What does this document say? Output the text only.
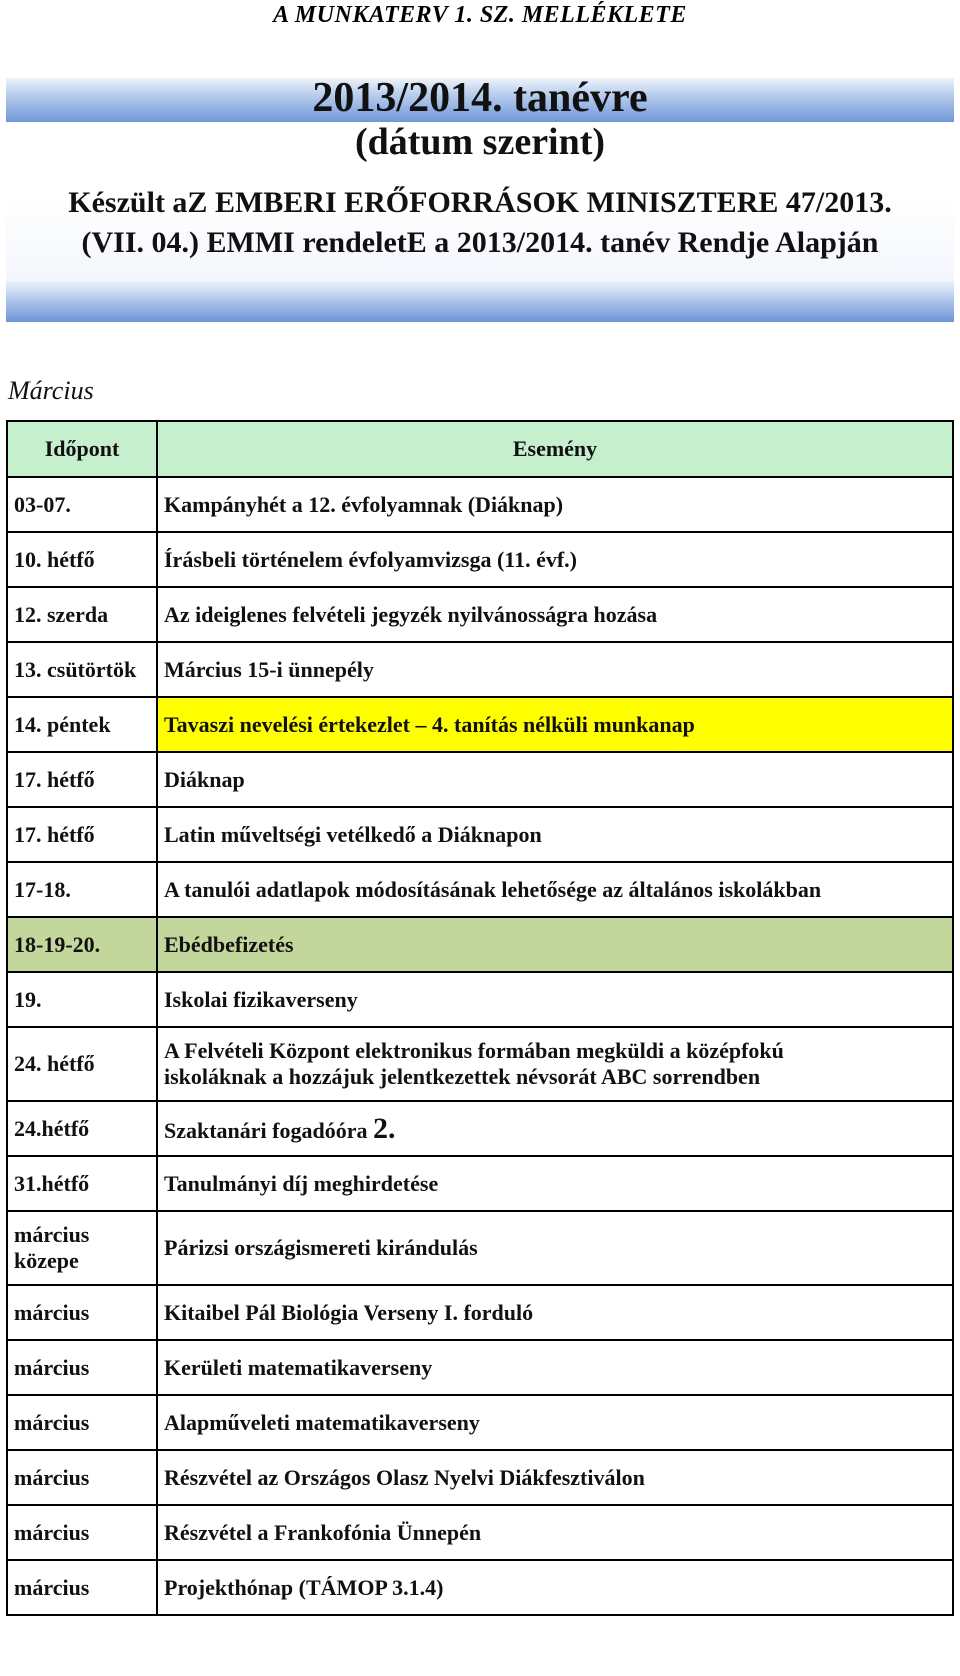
A MUNKATERV 1. SZ. MELLÉKLETE
2013/2014. tanévre
(dátum szerint)
Készült aZ EMBERI ERŐFORRÁSOK MINISZTERE 47/2013.
(VII. 04.) EMMI rendeletE a 2013/2014. tanév Rendje Alapján
Március
Időpont	Esemény
03-07.	Kampányhét a 12. évfolyamnak (Diáknap)
10. hétfő	Írásbeli történelem évfolyamvizsga (11. évf.)
12. szerda	Az ideiglenes felvételi jegyzék nyilvánosságra hozása
13. csütörtök	Március 15-i ünnepély
14. péntek	Tavaszi nevelési értekezlet – 4. tanítás nélküli munkanap
17. hétfő	Diáknap
17. hétfő	Latin műveltségi vetélkedő a Diáknapon
17-18.	A tanulói adatlapok módosításának lehetősége az általános iskolákban
18-19-20.	Ebédbefizetés
19.	Iskolai fizikaverseny
24. hétfő	A Felvételi Központ elektronikus formában megküldi a középfokú
iskoláknak a hozzájuk jelentkezettek névsorát ABC sorrendben

24.hétfő	Szaktanári fogadóóra 2.
31.hétfő	Tanulmányi díj meghirdetése

március
közepe	Párizsi országismereti kirándulás
március	Kitaibel Pál Biológia Verseny I. forduló
március	Kerületi matematikaverseny
március	Alapműveleti matematikaverseny
március	Részvétel az Országos Olasz Nyelvi Diákfesztiválon
március	Részvétel a Frankofónia Ünnepén
március	Projekthónap (TÁMOP 3.1.4)
